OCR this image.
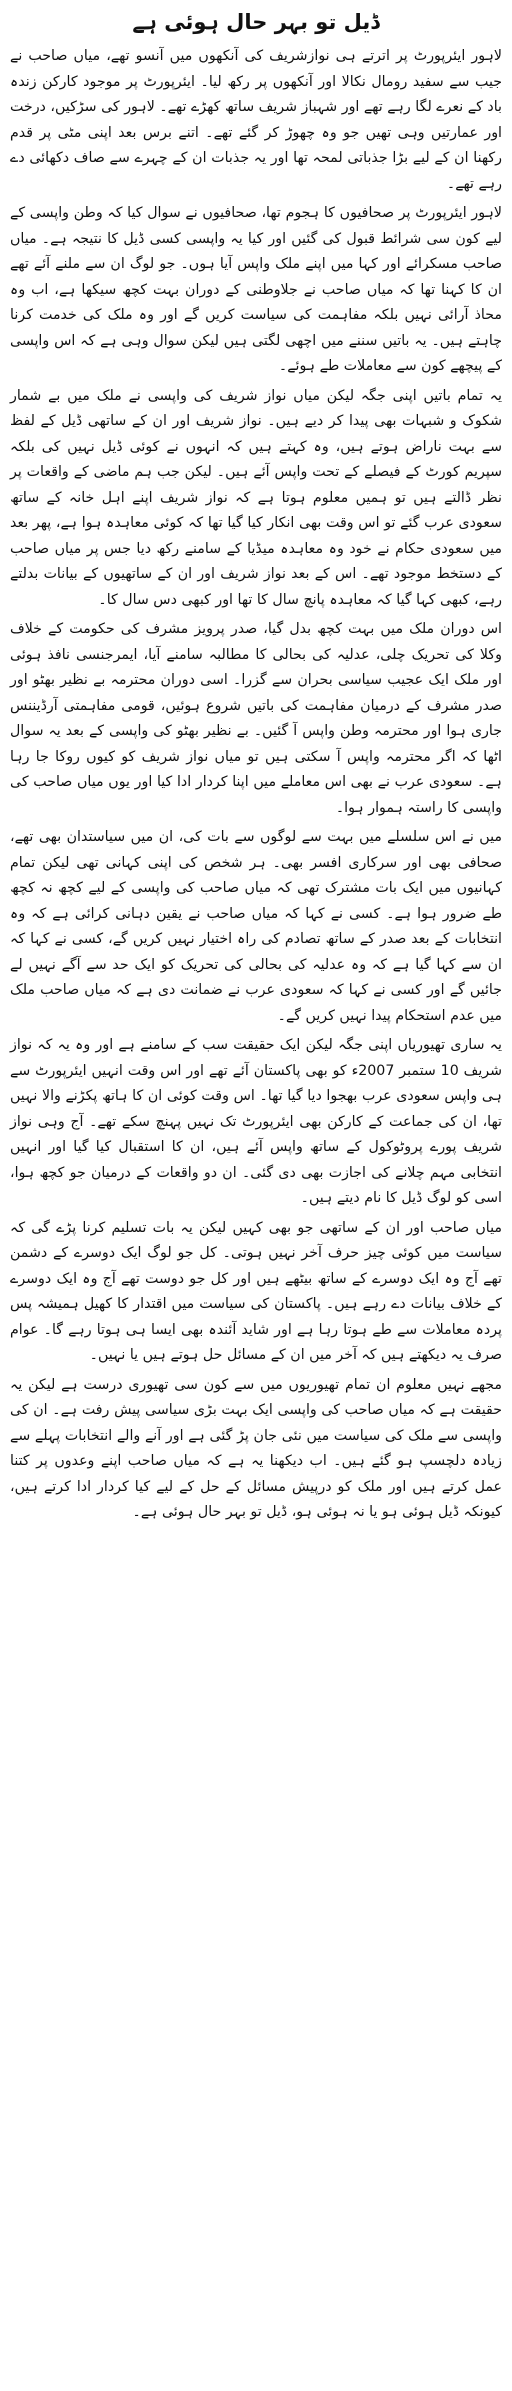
ڈیل تو بہر حال ہوئی ہے

لاہور ایئرپورٹ پر اترتے ہی نوازشریف کی آنکھوں میں آنسو تھے، میاں صاحب نے جیب سے سفید رومال نکالا اور آنکھوں پر رکھ لیا۔ ایئرپورٹ پر موجود کارکن زندہ باد کے نعرے لگا رہے تھے اور شہباز شریف ساتھ کھڑے تھے۔ لاہور کی سڑکیں، درخت اور عمارتیں وہی تھیں جو وہ چھوڑ کر گئے تھے۔ اتنے برس بعد اپنی مٹی پر قدم رکھنا ان کے لیے بڑا جذباتی لمحہ تھا اور یہ جذبات ان کے چہرے سے صاف دکھائی دے رہے تھے۔

لاہور ایئرپورٹ پر صحافیوں کا ہجوم تھا، صحافیوں نے سوال کیا کہ وطن واپسی کے لیے کون سی شرائط قبول کی گئیں اور کیا یہ واپسی کسی ڈیل کا نتیجہ ہے۔ میاں صاحب مسکرائے اور کہا میں اپنے ملک واپس آیا ہوں۔ جو لوگ ان سے ملنے آئے تھے ان کا کہنا تھا کہ میاں صاحب نے جلاوطنی کے دوران بہت کچھ سیکھا ہے، اب وہ محاذ آرائی نہیں بلکہ مفاہمت کی سیاست کریں گے اور وہ ملک کی خدمت کرنا چاہتے ہیں۔ یہ باتیں سننے میں اچھی لگتی ہیں لیکن سوال وہی ہے کہ اس واپسی کے پیچھے کون سے معاملات طے ہوئے۔

یہ تمام باتیں اپنی جگہ لیکن میاں نواز شریف کی واپسی نے ملک میں بے شمار شکوک و شبہات بھی پیدا کر دیے ہیں۔ نواز شریف اور ان کے ساتھی ڈیل کے لفظ سے بہت ناراض ہوتے ہیں، وہ کہتے ہیں کہ انہوں نے کوئی ڈیل نہیں کی بلکہ سپریم کورٹ کے فیصلے کے تحت واپس آئے ہیں۔ لیکن جب ہم ماضی کے واقعات پر نظر ڈالتے ہیں تو ہمیں معلوم ہوتا ہے کہ نواز شریف اپنے اہل خانہ کے ساتھ سعودی عرب گئے تو اس وقت بھی انکار کیا گیا تھا کہ کوئی معاہدہ ہوا ہے، پھر بعد میں سعودی حکام نے خود وہ معاہدہ میڈیا کے سامنے رکھ دیا جس پر میاں صاحب کے دستخط موجود تھے۔ اس کے بعد نواز شریف اور ان کے ساتھیوں کے بیانات بدلتے رہے، کبھی کہا گیا کہ معاہدہ پانچ سال کا تھا اور کبھی دس سال کا۔

اس دوران ملک میں بہت کچھ بدل گیا، صدر پرویز مشرف کی حکومت کے خلاف وکلا کی تحریک چلی، عدلیہ کی بحالی کا مطالبہ سامنے آیا، ایمرجنسی نافذ ہوئی اور ملک ایک عجیب سیاسی بحران سے گزرا۔ اسی دوران محترمہ بے نظیر بھٹو اور صدر مشرف کے درمیان مفاہمت کی باتیں شروع ہوئیں، قومی مفاہمتی آرڈیننس جاری ہوا اور محترمہ وطن واپس آ گئیں۔ بے نظیر بھٹو کی واپسی کے بعد یہ سوال اٹھا کہ اگر محترمہ واپس آ سکتی ہیں تو میاں نواز شریف کو کیوں روکا جا رہا ہے۔ سعودی عرب نے بھی اس معاملے میں اپنا کردار ادا کیا اور یوں میاں صاحب کی واپسی کا راستہ ہموار ہوا۔

میں نے اس سلسلے میں بہت سے لوگوں سے بات کی، ان میں سیاستدان بھی تھے، صحافی بھی اور سرکاری افسر بھی۔ ہر شخص کی اپنی کہانی تھی لیکن تمام کہانیوں میں ایک بات مشترک تھی کہ میاں صاحب کی واپسی کے لیے کچھ نہ کچھ طے ضرور ہوا ہے۔ کسی نے کہا کہ میاں صاحب نے یقین دہانی کرائی ہے کہ وہ انتخابات کے بعد صدر کے ساتھ تصادم کی راہ اختیار نہیں کریں گے، کسی نے کہا کہ ان سے کہا گیا ہے کہ وہ عدلیہ کی بحالی کی تحریک کو ایک حد سے آگے نہیں لے جائیں گے اور کسی نے کہا کہ سعودی عرب نے ضمانت دی ہے کہ میاں صاحب ملک میں عدم استحکام پیدا نہیں کریں گے۔

یہ ساری تھیوریاں اپنی جگہ لیکن ایک حقیقت سب کے سامنے ہے اور وہ یہ کہ نواز شریف 10 ستمبر 2007ء کو بھی پاکستان آئے تھے اور اس وقت انہیں ایئرپورٹ سے ہی واپس سعودی عرب بھجوا دیا گیا تھا۔ اس وقت کوئی ان کا ہاتھ پکڑنے والا نہیں تھا، ان کی جماعت کے کارکن بھی ایئرپورٹ تک نہیں پہنچ سکے تھے۔ آج وہی نواز شریف پورے پروٹوکول کے ساتھ واپس آئے ہیں، ان کا استقبال کیا گیا اور انہیں انتخابی مہم چلانے کی اجازت بھی دی گئی۔ ان دو واقعات کے درمیان جو کچھ ہوا، اسی کو لوگ ڈیل کا نام دیتے ہیں۔

میاں صاحب اور ان کے ساتھی جو بھی کہیں لیکن یہ بات تسلیم کرنا پڑے گی کہ سیاست میں کوئی چیز حرف آخر نہیں ہوتی۔ کل جو لوگ ایک دوسرے کے دشمن تھے آج وہ ایک دوسرے کے ساتھ بیٹھے ہیں اور کل جو دوست تھے آج وہ ایک دوسرے کے خلاف بیانات دے رہے ہیں۔ پاکستان کی سیاست میں اقتدار کا کھیل ہمیشہ پس پردہ معاملات سے طے ہوتا رہا ہے اور شاید آئندہ بھی ایسا ہی ہوتا رہے گا۔ عوام صرف یہ دیکھتے ہیں کہ آخر میں ان کے مسائل حل ہوتے ہیں یا نہیں۔

مجھے نہیں معلوم ان تمام تھیوریوں میں سے کون سی تھیوری درست ہے لیکن یہ حقیقت ہے کہ میاں صاحب کی واپسی ایک بہت بڑی سیاسی پیش رفت ہے۔ ان کی واپسی سے ملک کی سیاست میں نئی جان پڑ گئی ہے اور آنے والے انتخابات پہلے سے زیادہ دلچسپ ہو گئے ہیں۔ اب دیکھنا یہ ہے کہ میاں صاحب اپنے وعدوں پر کتنا عمل کرتے ہیں اور ملک کو درپیش مسائل کے حل کے لیے کیا کردار ادا کرتے ہیں، کیونکہ ڈیل ہوئی ہو یا نہ ہوئی ہو، ڈیل تو بہر حال ہوئی ہے۔
